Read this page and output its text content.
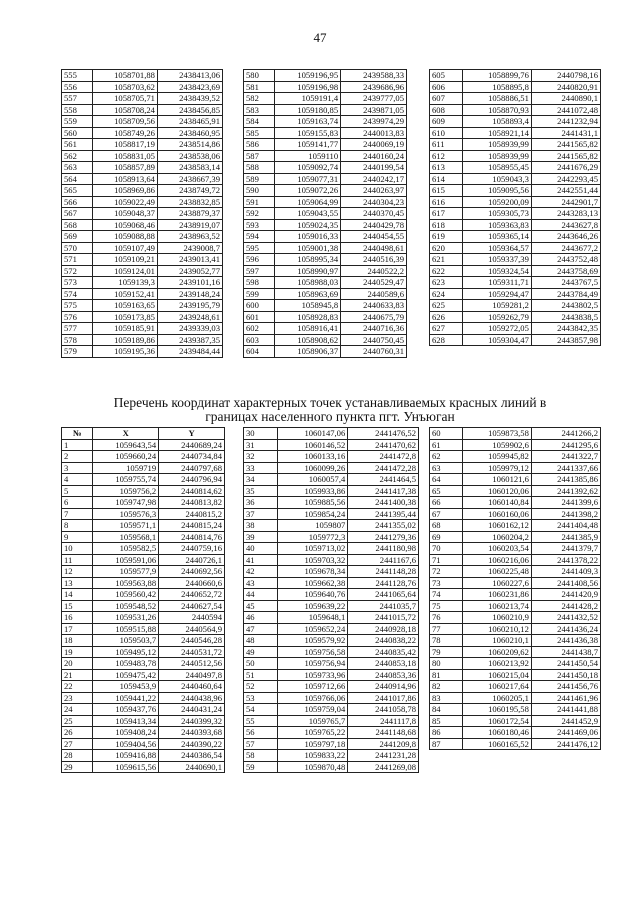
47
555	1058701,88	2438413,06
556	1058703,62	2438423,69
557	1058705,71	2438439,52
558	1058708,24	2438456,85
559	1058709,56	2438465,91
560	1058749,26	2438460,95
561	1058817,19	2438514,86
562	1058831,05	2438538,06
563	1058857,89	2438583,14
564	1058913,64	2438667,39
565	1058969,86	2438749,72
566	1059022,49	2438832,85
567	1059048,37	2438879,37
568	1059068,46	2438919,07
569	1059088,88	2438963,52
570	1059107,49	2439008,7
571	1059109,21	2439013,41
572	1059124,01	2439052,77
573	1059139,3	2439101,16
574	1059152,41	2439148,24
575	1059163,65	2439195,79
576	1059173,85	2439248,61
577	1059185,91	2439339,03
578	1059189,86	2439387,35
579	1059195,36	2439484,44
580	1059196,95	2439588,33
581	1059196,98	2439686,96
582	1059191,4	2439777,05
583	1059180,85	2439871,05
584	1059163,74	2439974,29
585	1059155,83	2440013,83
586	1059141,77	2440069,19
587	1059110	2440160,24
588	1059092,74	2440199,54
589	1059077,31	2440242,17
590	1059072,26	2440263,97
591	1059064,99	2440304,23
592	1059043,55	2440370,45
593	1059024,35	2440429,78
594	1059016,33	2440454,55
595	1059001,38	2440498,61
596	1058995,34	2440516,39
597	1058990,97	2440522,2
598	1058988,03	2440529,47
599	1058963,69	2440589,6
600	1058945,8	2440633,83
601	1058928,83	2440675,79
602	1058916,41	2440716,36
603	1058908,62	2440750,45
604	1058906,37	2440760,31
605	1058899,76	2440798,16
606	1058895,8	2440820,91
607	1058886,51	2440890,1
608	1058870,93	2441072,48
609	1058893,4	2441232,94
610	1058921,14	2441431,1
611	1058939,99	2441565,82
612	1058939,99	2441565,82
613	1058955,45	2441676,29
614	1059043,3	2442293,45
615	1059095,56	2442551,44
616	1059200,09	2442901,7
617	1059305,73	2443283,13
618	1059363,83	2443627,8
619	1059365,14	2443646,26
620	1059364,57	2443677,2
621	1059337,39	2443752,48
622	1059324,54	2443758,69
623	1059311,71	2443767,5
624	1059294,47	2443784,49
625	1059281,2	2443802,5
626	1059262,79	2443838,5
627	1059272,05	2443842,35
628	1059304,47	2443857,98
Перечень координат характерных точек устанавливаемых красных линий в
границах населенного пункта пгт. Унъюган
№	X	Y
1	1059643,54	2440689,24
2	1059660,24	2440734,84
3	1059719	2440797,68
4	1059755,74	2440796,94
5	1059756,2	2440814,62
6	1059747,98	2440813,82
7	1059576,3	2440815,2
8	1059571,1	2440815,24
9	1059568,1	2440814,76
10	1059582,5	2440759,16
11	1059591,06	2440726,1
12	1059577,9	2440692,56
13	1059563,88	2440660,6
14	1059560,42	2440652,72
15	1059548,52	2440627,54
16	1059531,26	2440594
17	1059515,88	2440564,9
18	1059503,7	2440546,28
19	1059495,12	2440531,72
20	1059483,78	2440512,56
21	1059475,42	2440497,8
22	1059453,9	2440460,64
23	1059441,22	2440438,96
24	1059437,76	2440431,24
25	1059413,34	2440399,32
26	1059408,24	2440393,68
27	1059404,56	2440390,22
28	1059416,88	2440386,54
29	1059615,56	2440690,1
30	1060147,06	2441476,52
31	1060146,52	2441470,62
32	1060133,16	2441472,8
33	1060099,26	2441472,28
34	1060057,4	2441464,5
35	1059933,86	2441417,38
36	1059885,56	2441400,38
37	1059854,24	2441395,44
38	1059807	2441355,02
39	1059772,3	2441279,36
40	1059713,02	2441180,98
41	1059703,32	2441167,6
42	1059678,34	2441148,28
43	1059662,38	2441128,76
44	1059640,76	2441065,64
45	1059639,22	2441035,7
46	1059648,1	2441015,72
47	1059652,24	2440928,18
48	1059579,92	2440838,22
49	1059756,58	2440835,42
50	1059756,94	2440853,18
51	1059733,96	2440853,36
52	1059712,66	2440914,96
53	1059766,06	2441017,86
54	1059759,04	2441058,78
55	1059765,7	2441117,8
56	1059765,22	2441148,68
57	1059797,18	2441209,8
58	1059833,22	2441231,28
59	1059870,48	2441269,08
60	1059873,58	2441266,2
61	1059902,6	2441295,6
62	1059945,82	2441322,7
63	1059979,12	2441337,66
64	1060121,6	2441385,86
65	1060120,06	2441392,62
66	1060140,84	2441399,6
67	1060160,06	2441398,2
68	1060162,12	2441404,48
69	1060204,2	2441385,9
70	1060203,54	2441379,7
71	1060216,06	2441378,22
72	1060225,48	2441409,3
73	1060227,6	2441408,56
74	1060231,86	2441420,9
75	1060213,74	2441428,2
76	1060210,9	2441432,52
77	1060210,12	2441436,24
78	1060210,1	2441436,38
79	1060209,62	2441438,7
80	1060213,92	2441450,54
81	1060215,04	2441450,18
82	1060217,64	2441456,76
83	1060205,1	2441461,96
84	1060195,58	2441441,88
85	1060172,54	2441452,9
86	1060180,46	2441469,06
87	1060165,52	2441476,12
